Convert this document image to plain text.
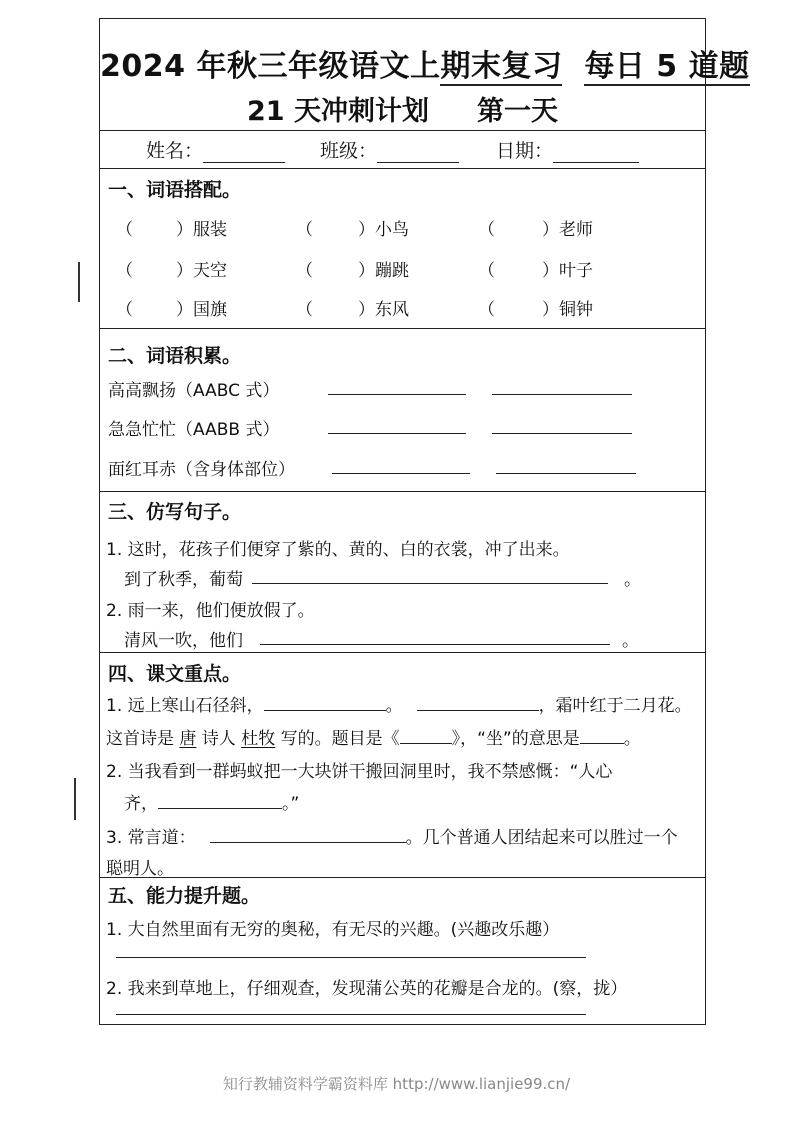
2024 年秋三年级语文上期末复习 每日 5 道题
21 天冲刺计划 第一天
姓名：	班级：	日期：
一、词语搭配。
（	）服装	（	）小鸟	（	）老师
（	）天空	（	）蹦跳	（	）叶子
（	）国旗	（	）东风	（	）铜钟
二、词语积累。
高高飘扬（AABC 式）
急急忙忙（AABB 式）
面红耳赤（含身体部位）
三、仿写句子。
1. 这时，花孩子们便穿了紫的、黄的、白的衣裳，冲了出来。
到了秋季，葡萄	。
2. 雨一来，他们便放假了。
清风一吹，他们	。
四、课文重点。
1. 远上寒山石径斜，	。	，霜叶红于二月花。
这首诗是 唐 诗人 杜牧 写的。题目是《	》，“坐”的意思是	。
2. 当我看到一群蚂蚁把一大块饼干搬回洞里时，我不禁感慨：“人心
齐，	。”
3. 常言道：	。几个普通人团结起来可以胜过一个
聪明人。
五、能力提升题。
1. 大自然里面有无穷的奥秘，有无尽的兴趣。(兴趣改乐趣）
2. 我来到草地上，仔细观查，发现蒲公英的花瓣是合龙的。(察，拢）
知行教辅资料学霸资料库 http://www.lianjie99.cn/
